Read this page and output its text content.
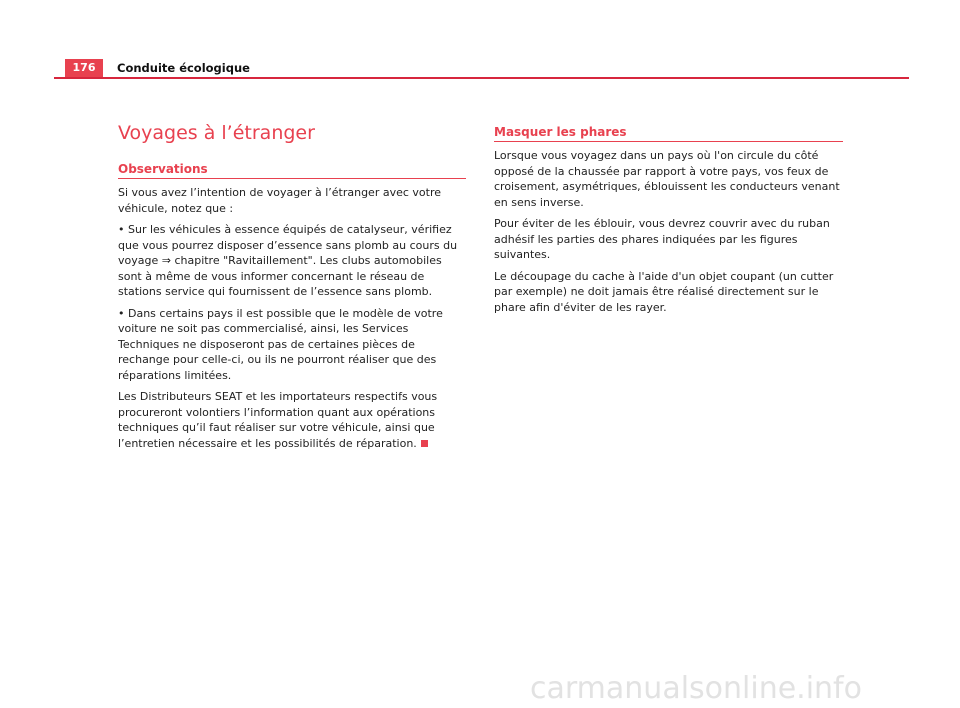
176	Conduite écologique
Voyages à l’étranger
Observations

Si vous avez l’intention de voyager à l’étranger avec votre véhicule, notez que :

• Sur les véhicules à essence équipés de catalyseur, vérifiez que vous pourrez disposer d’essence sans plomb au cours du voyage ⇒ chapitre "Ravitaillement". Les clubs automobiles sont à même de vous informer concernant le réseau de stations service qui fournissent de l’essence sans plomb.

• Dans certains pays il est possible que le modèle de votre voiture ne soit pas commercialisé, ainsi, les Services Techniques ne disposeront pas de certaines pièces de rechange pour celle-ci, ou ils ne pourront réaliser que des réparations limitées.

Les Distributeurs SEAT et les importateurs respectifs vous procureront volontiers l’information quant aux opérations techniques qu’il faut réaliser sur votre véhicule, ainsi que l’entretien nécessaire et les possibilités de réparation.

Masquer les phares

Lorsque vous voyagez dans un pays où l'on circule du côté opposé de la chaussée par rapport à votre pays, vos feux de croisement, asymétriques, éblouissent les conducteurs venant en sens inverse.

Pour éviter de les éblouir, vous devrez couvrir avec du ruban adhésif les parties des phares indiquées par les figures suivantes.

Le découpage du cache à l'aide d'un objet coupant (un cutter par exemple) ne doit jamais être réalisé directement sur le phare afin d'éviter de les rayer.

carmanualsonline.info
